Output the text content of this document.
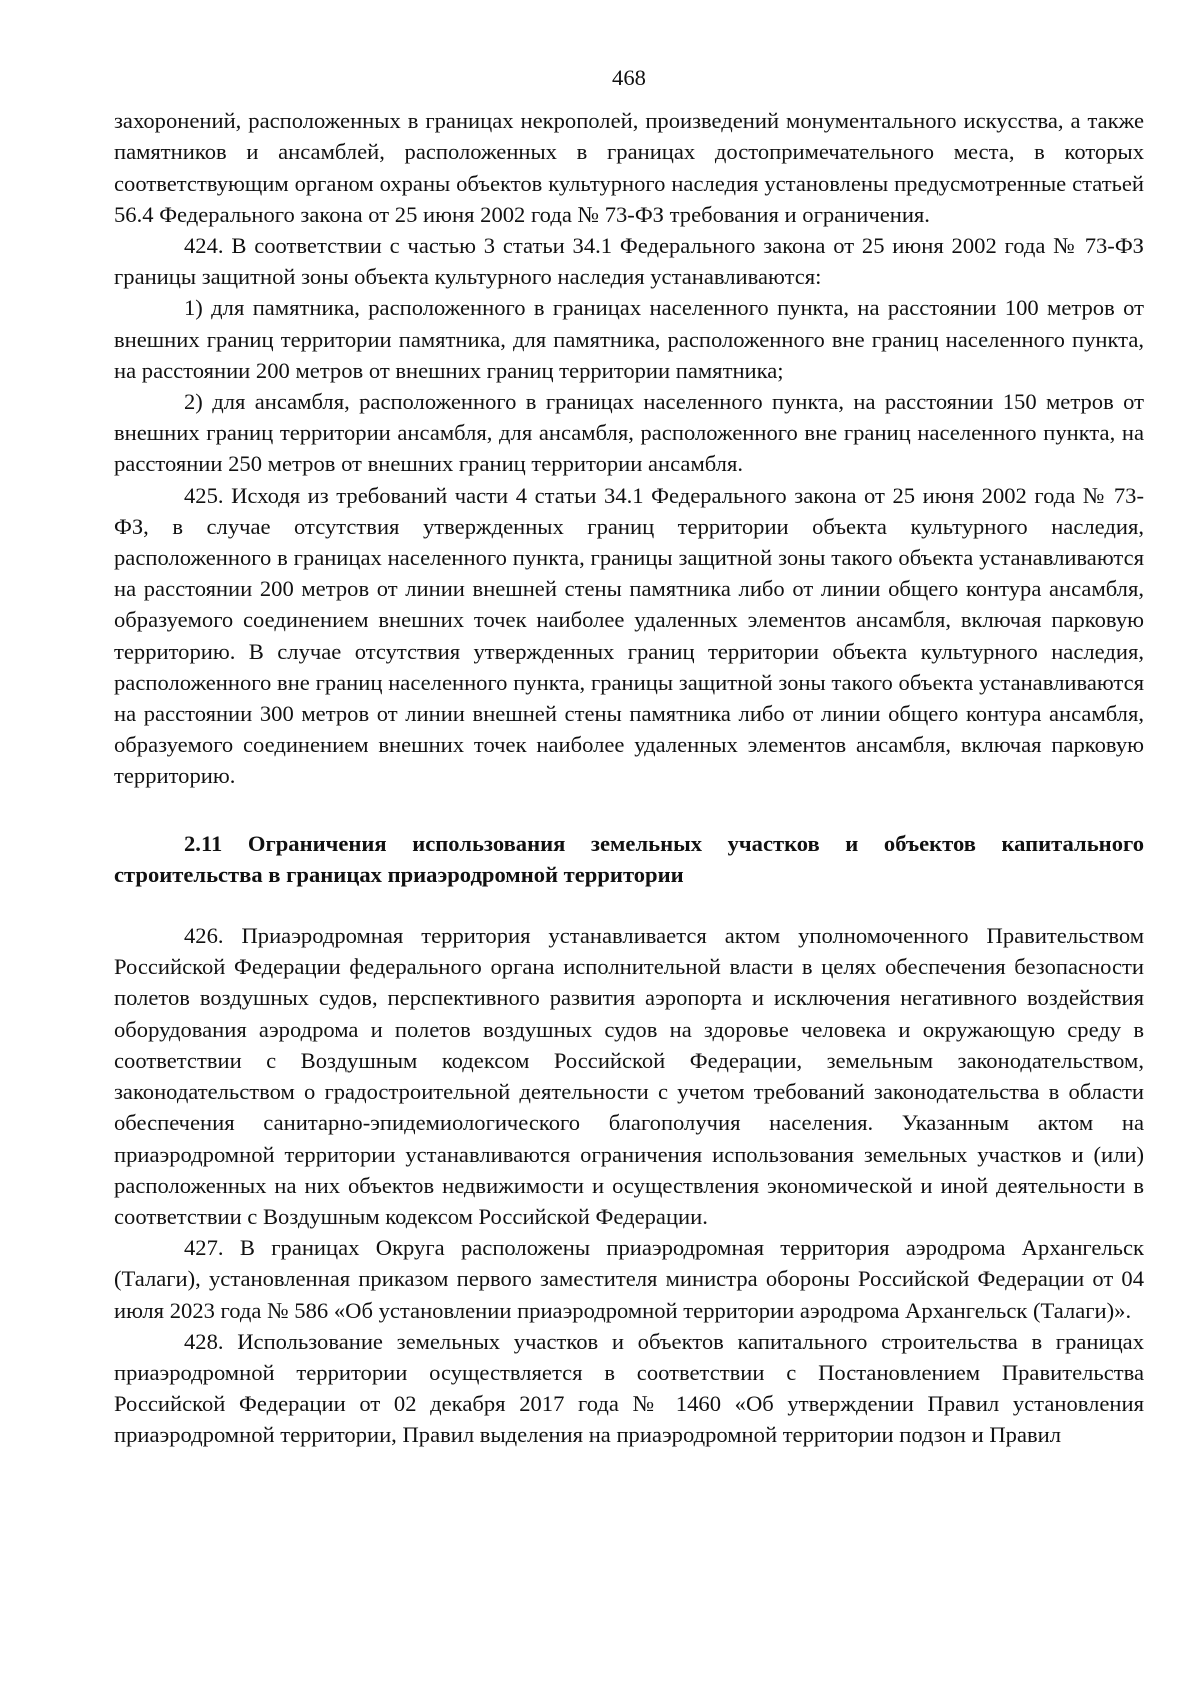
468

захоронений, расположенных в границах некрополей, произведений монументального искусства, а также памятников и ансамблей, расположенных в границах достопримечательного места, в которых соответствующим органом охраны объектов культурного наследия установлены предусмотренные статьей 56.4 Федерального закона от 25 июня 2002 года № 73-ФЗ требования и ограничения.

424. В соответствии с частью 3 статьи 34.1 Федерального закона от 25 июня 2002 года № 73-ФЗ границы защитной зоны объекта культурного наследия устанавливаются:

1) для памятника, расположенного в границах населенного пункта, на расстоянии 100 метров от внешних границ территории памятника, для памятника, расположенного вне границ населенного пункта, на расстоянии 200 метров от внешних границ территории памятника;

2) для ансамбля, расположенного в границах населенного пункта, на расстоянии 150 метров от внешних границ территории ансамбля, для ансамбля, расположенного вне границ населенного пункта, на расстоянии 250 метров от внешних границ территории ансамбля.

425. Исходя из требований части 4 статьи 34.1 Федерального закона от 25 июня 2002 года № 73-ФЗ, в случае отсутствия утвержденных границ территории объекта культурного наследия, расположенного в границах населенного пункта, границы защитной зоны такого объекта устанавливаются на расстоянии 200 метров от линии внешней стены памятника либо от линии общего контура ансамбля, образуемого соединением внешних точек наиболее удаленных элементов ансамбля, включая парковую территорию. В случае отсутствия утвержденных границ территории объекта культурного наследия, расположенного вне границ населенного пункта, границы защитной зоны такого объекта устанавливаются на расстоянии 300 метров от линии внешней стены памятника либо от линии общего контура ансамбля, образуемого соединением внешних точек наиболее удаленных элементов ансамбля, включая парковую территорию.

2.11 Ограничения использования земельных участков и объектов капитального строительства в границах приаэродромной территории

426. Приаэродромная территория устанавливается актом уполномоченного Правительством Российской Федерации федерального органа исполнительной власти в целях обеспечения безопасности полетов воздушных судов, перспективного развития аэропорта и исключения негативного воздействия оборудования аэродрома и полетов воздушных судов на здоровье человека и окружающую среду в соответствии с Воздушным кодексом Российской Федерации, земельным законодательством, законодательством о градостроительной деятельности с учетом требований законодательства в области обеспечения санитарно-эпидемиологического благополучия населения. Указанным актом на приаэродромной территории устанавливаются ограничения использования земельных участков и (или) расположенных на них объектов недвижимости и осуществления экономической и иной деятельности в соответствии с Воздушным кодексом Российской Федерации.

427. В границах Округа расположены приаэродромная территория аэродрома Архангельск (Талаги), установленная приказом первого заместителя министра обороны Российской Федерации от 04 июля 2023 года № 586 «Об установлении приаэродромной территории аэродрома Архангельск (Талаги)».

428. Использование земельных участков и объектов капитального строительства в границах приаэродромной территории осуществляется в соответствии с Постановлением Правительства Российской Федерации от 02 декабря 2017 года № 1460 «Об утверждении Правил установления приаэродромной территории, Правил выделения на приаэродромной территории подзон и Правил
